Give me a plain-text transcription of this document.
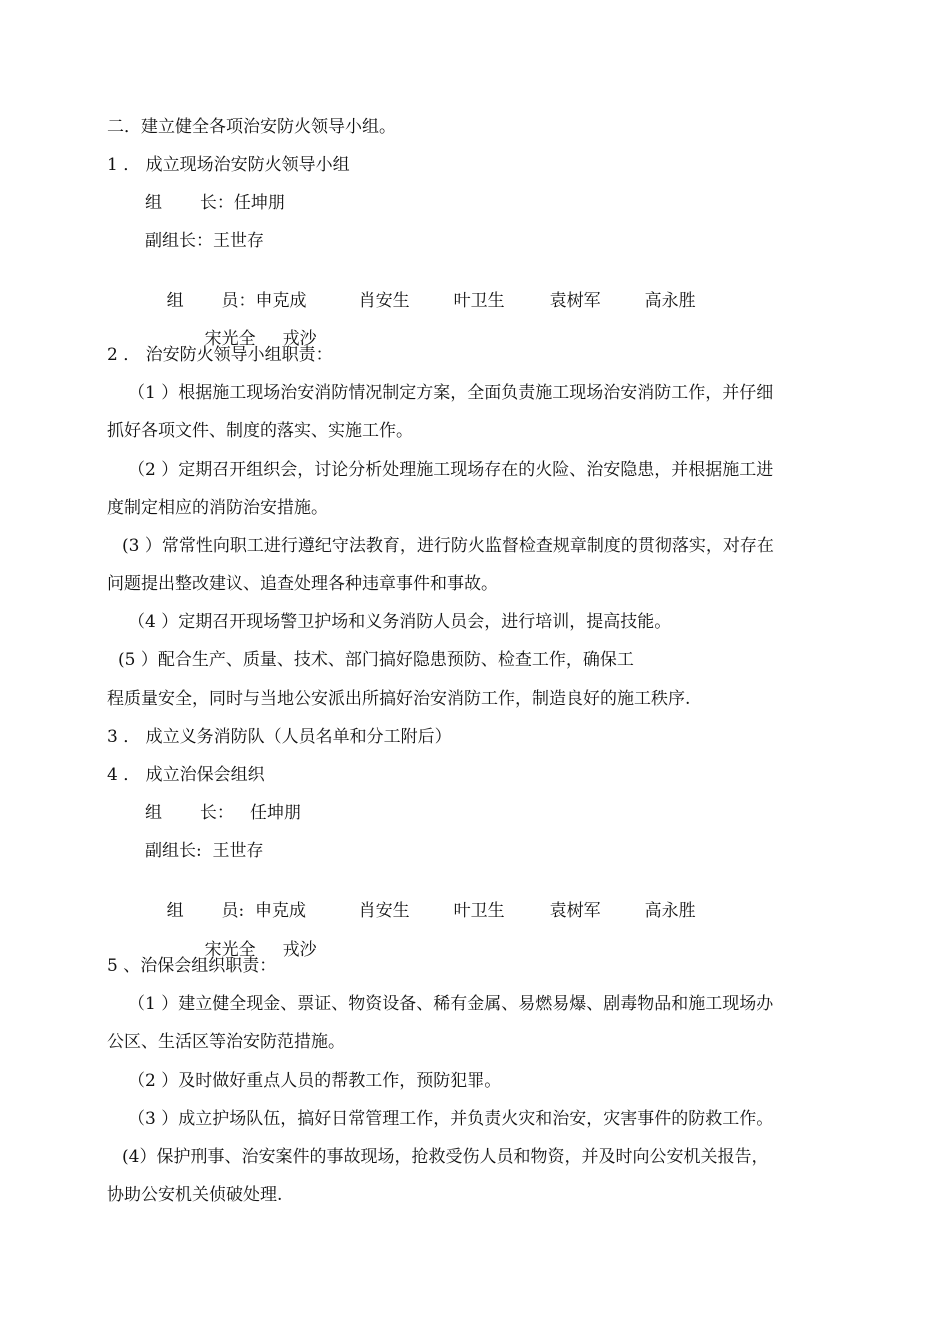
二．建立健全各项治安防火领导小组。
1 ． 成立现场治安防火领导小组
组       长：任坤朋
副组长：王世存

组       员：申克成	肖安生	叶卫生	袁树军	高永胜

宋光全 戎沙

2 ． 治安防火领导小组职责：
（1 ）根据施工现场治安消防情况制定方案，全面负责施工现场治安消防工作，并仔细
抓好各项文件、制度的落实、实施工作。
（2 ）定期召开组织会，讨论分析处理施工现场存在的火险、治安隐患，并根据施工进
度制定相应的消防治安措施。
(3 ）常常性向职工进行遵纪守法教育，进行防火监督检查规章制度的贯彻落实，对存在
问题提出整改建议、追查处理各种违章事件和事故。
（4 ）定期召开现场警卫护场和义务消防人员会，进行培训，提高技能。
(5 ）配合生产、质量、技术、部门搞好隐患预防、检查工作，确保工
程质量安全，同时与当地公安派出所搞好治安消防工作，制造良好的施工秩序.
3 ． 成立义务消防队（人员名单和分工附后）
4 ． 成立治保会组织
组       长：   任坤朋
副组长:  王世存

组       员:  申克成	肖安生	叶卫生	袁树军	高永胜

宋光全 戎沙

5 、治保会组织职责：
（1 ）建立健全现金、票证、物资设备、稀有金属、易燃易爆、剧毒物品和施工现场办
公区、生活区等治安防范措施。
（2 ）及时做好重点人员的帮教工作，预防犯罪。
（3 ）成立护场队伍，搞好日常管理工作，并负责火灾和治安，灾害事件的防救工作。
(4）保护刑事、治安案件的事故现场，抢救受伤人员和物资，并及时向公安机关报告，
协助公安机关侦破处理.
